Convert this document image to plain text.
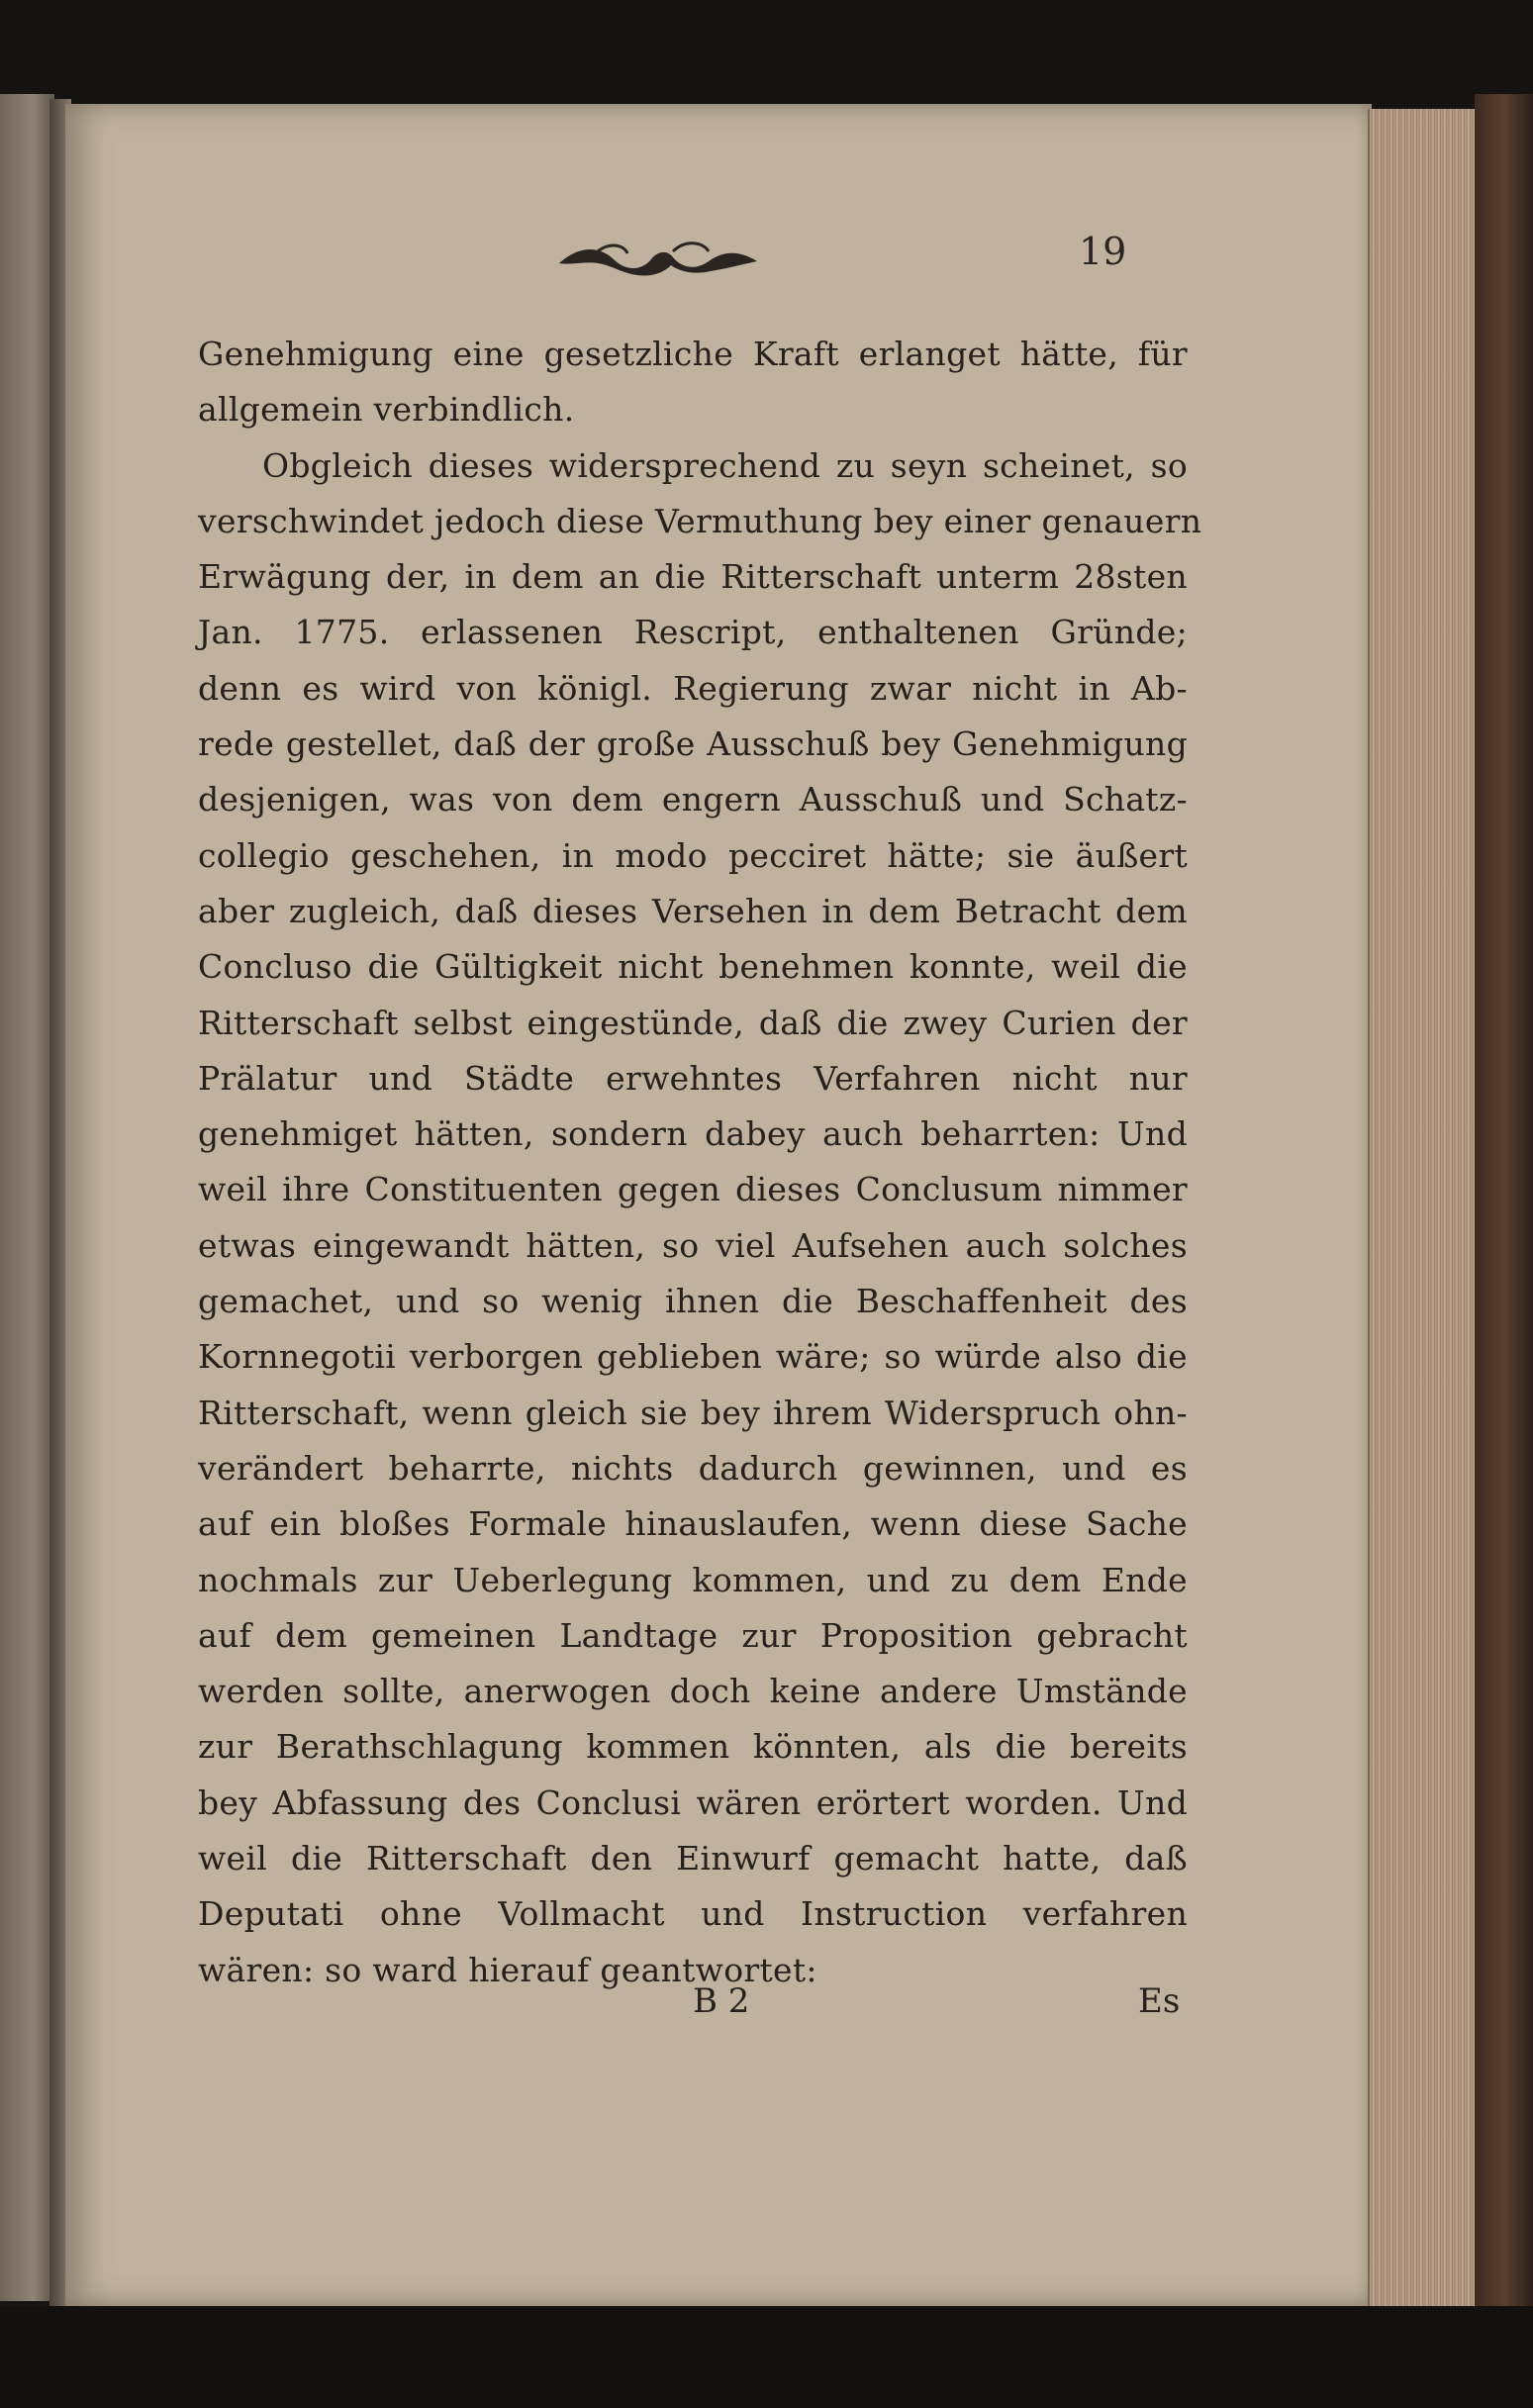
19
Genehmigung eine gesetzliche Kraft erlanget hätte, für
allgemein verbindlich.
Obgleich dieses widersprechend zu seyn scheinet, so
verschwindet jedoch diese Vermuthung bey einer genauern
Erwägung der, in dem an die Ritterschaft unterm 28sten
Jan. 1775. erlassenen Rescript, enthaltenen Gründe;
denn es wird von königl. Regierung zwar nicht in Ab-
rede gestellet, daß der große Ausschuß bey Genehmigung
desjenigen, was von dem engern Ausschuß und Schatz-
collegio geschehen, in modo pecciret hätte; sie äußert
aber zugleich, daß dieses Versehen in dem Betracht dem
Concluso die Gültigkeit nicht benehmen konnte, weil die
Ritterschaft selbst eingestünde, daß die zwey Curien der
Prälatur und Städte erwehntes Verfahren nicht nur
genehmiget hätten, sondern dabey auch beharrten: Und
weil ihre Constituenten gegen dieses Conclusum nimmer
etwas eingewandt hätten, so viel Aufsehen auch solches
gemachet, und so wenig ihnen die Beschaffenheit des
Kornnegotii verborgen geblieben wäre; so würde also die
Ritterschaft, wenn gleich sie bey ihrem Widerspruch ohn-
verändert beharrte, nichts dadurch gewinnen, und es
auf ein bloßes Formale hinauslaufen, wenn diese Sache
nochmals zur Ueberlegung kommen, und zu dem Ende
auf dem gemeinen Landtage zur Proposition gebracht
werden sollte, anerwogen doch keine andere Umstände
zur Berathschlagung kommen könnten, als die bereits
bey Abfassung des Conclusi wären erörtert worden. Und
weil die Ritterschaft den Einwurf gemacht hatte, daß
Deputati ohne Vollmacht und Instruction verfahren
wären: so ward hierauf geantwortet:
B 2	Es
